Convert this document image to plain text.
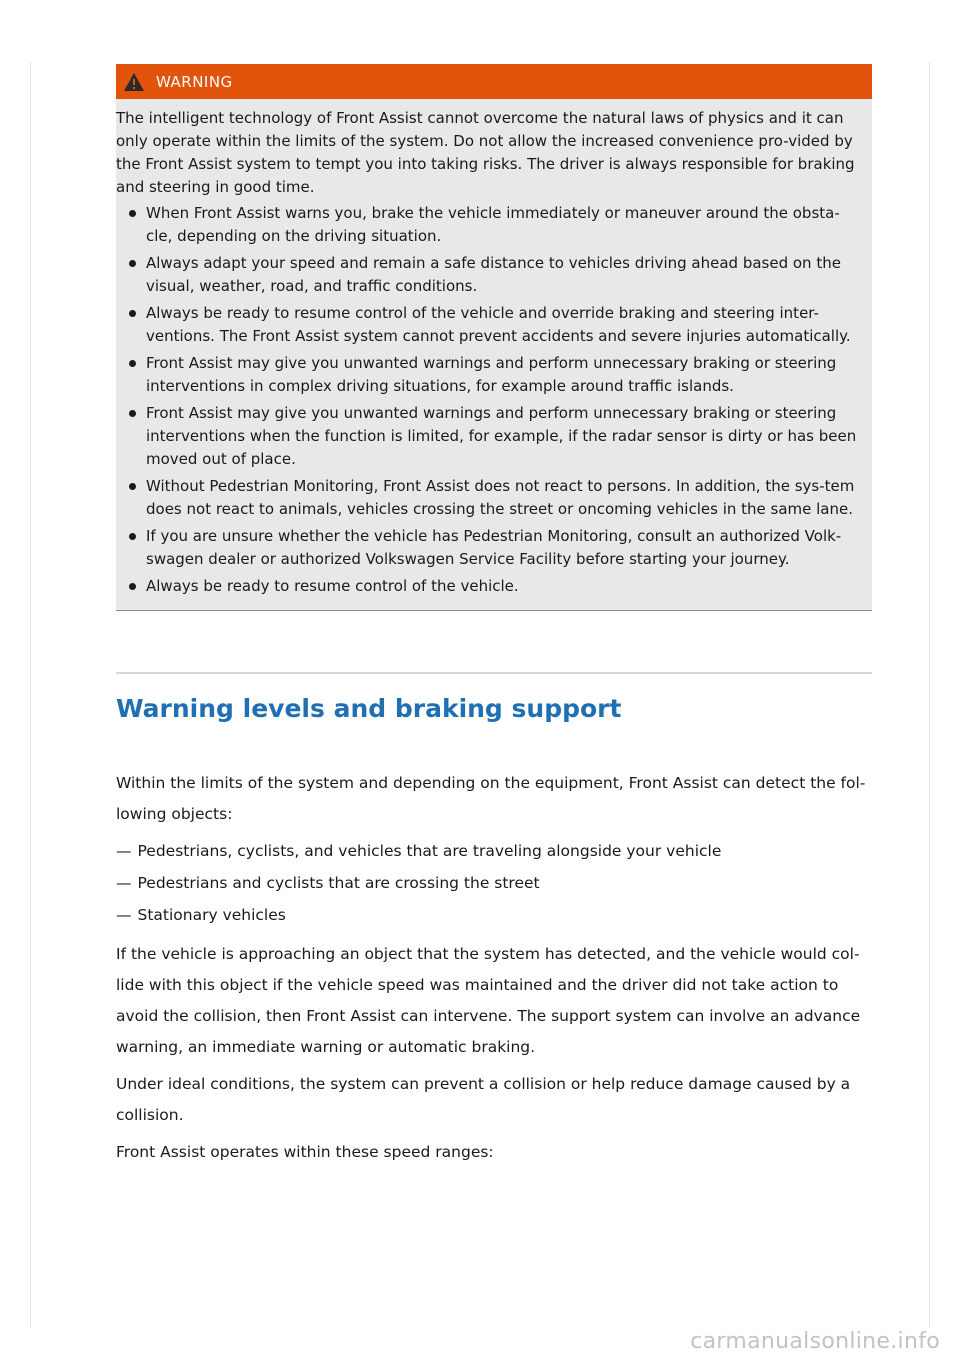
WARNING

The intelligent technology of Front Assist cannot overcome the natural laws of physics and it can only operate within the limits of the system. Do not allow the increased convenience pro-vided by the Front Assist system to tempt you into taking risks. The driver is always responsible for braking and steering in good time.

When Front Assist warns you, brake the vehicle immediately or maneuver around the obsta-cle, depending on the driving situation.
Always adapt your speed and remain a safe distance to vehicles driving ahead based on the visual, weather, road, and traffic conditions.
Always be ready to resume control of the vehicle and override braking and steering inter-ventions. The Front Assist system cannot prevent accidents and severe injuries automatically.
Front Assist may give you unwanted warnings and perform unnecessary braking or steering interventions in complex driving situations, for example around traffic islands.
Front Assist may give you unwanted warnings and perform unnecessary braking or steering interventions when the function is limited, for example, if the radar sensor is dirty or has been moved out of place.
Without Pedestrian Monitoring, Front Assist does not react to persons. In addition, the sys-tem does not react to animals, vehicles crossing the street or oncoming vehicles in the same lane.
If you are unsure whether the vehicle has Pedestrian Monitoring, consult an authorized Volk-swagen dealer or authorized Volkswagen Service Facility before starting your journey.
Always be ready to resume control of the vehicle.
Warning levels and braking support

Within the limits of the system and depending on the equipment, Front Assist can detect the fol-lowing objects:

— Pedestrians, cyclists, and vehicles that are traveling alongside your vehicle
— Pedestrians and cyclists that are crossing the street
— Stationary vehicles

If the vehicle is approaching an object that the system has detected, and the vehicle would col-lide with this object if the vehicle speed was maintained and the driver did not take action to avoid the collision, then Front Assist can intervene. The support system can involve an advance warning, an immediate warning or automatic braking.

Under ideal conditions, the system can prevent a collision or help reduce damage caused by a collision.

Front Assist operates within these speed ranges:

carmanualsonline.info
